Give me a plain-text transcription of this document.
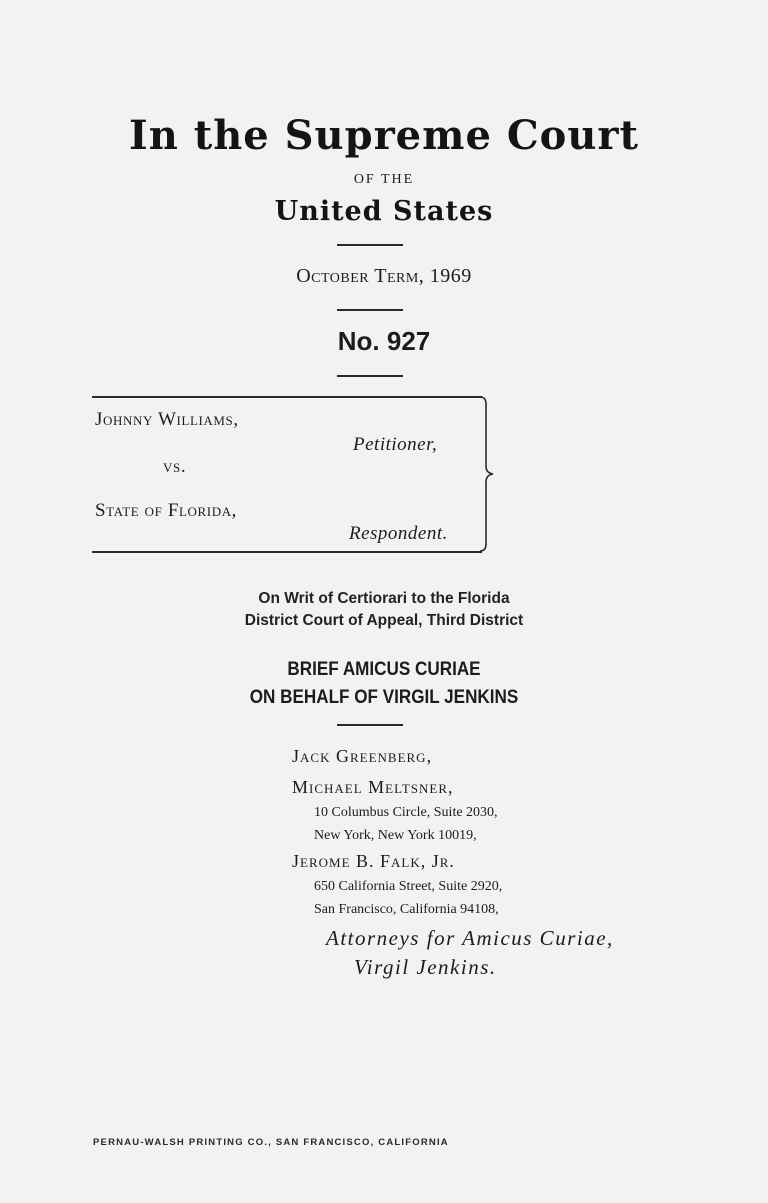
In the Supreme Court
OF THE
United States
October Term, 1969
No. 927
Johnny Williams,
Petitioner,
vs.
State of Florida,
Respondent.
On Writ of Certiorari to the Florida
District Court of Appeal, Third District
BRIEF AMICUS CURIAE
ON BEHALF OF VIRGIL JENKINS
Jack Greenberg,
Michael Meltsner,
10 Columbus Circle, Suite 2030,
New York, New York 10019,
Jerome B. Falk, Jr.
650 California Street, Suite 2920,
San Francisco, California 94108,
Attorneys for Amicus Curiae,
Virgil Jenkins.
PERNAU-WALSH PRINTING CO., SAN FRANCISCO, CALIFORNIA
